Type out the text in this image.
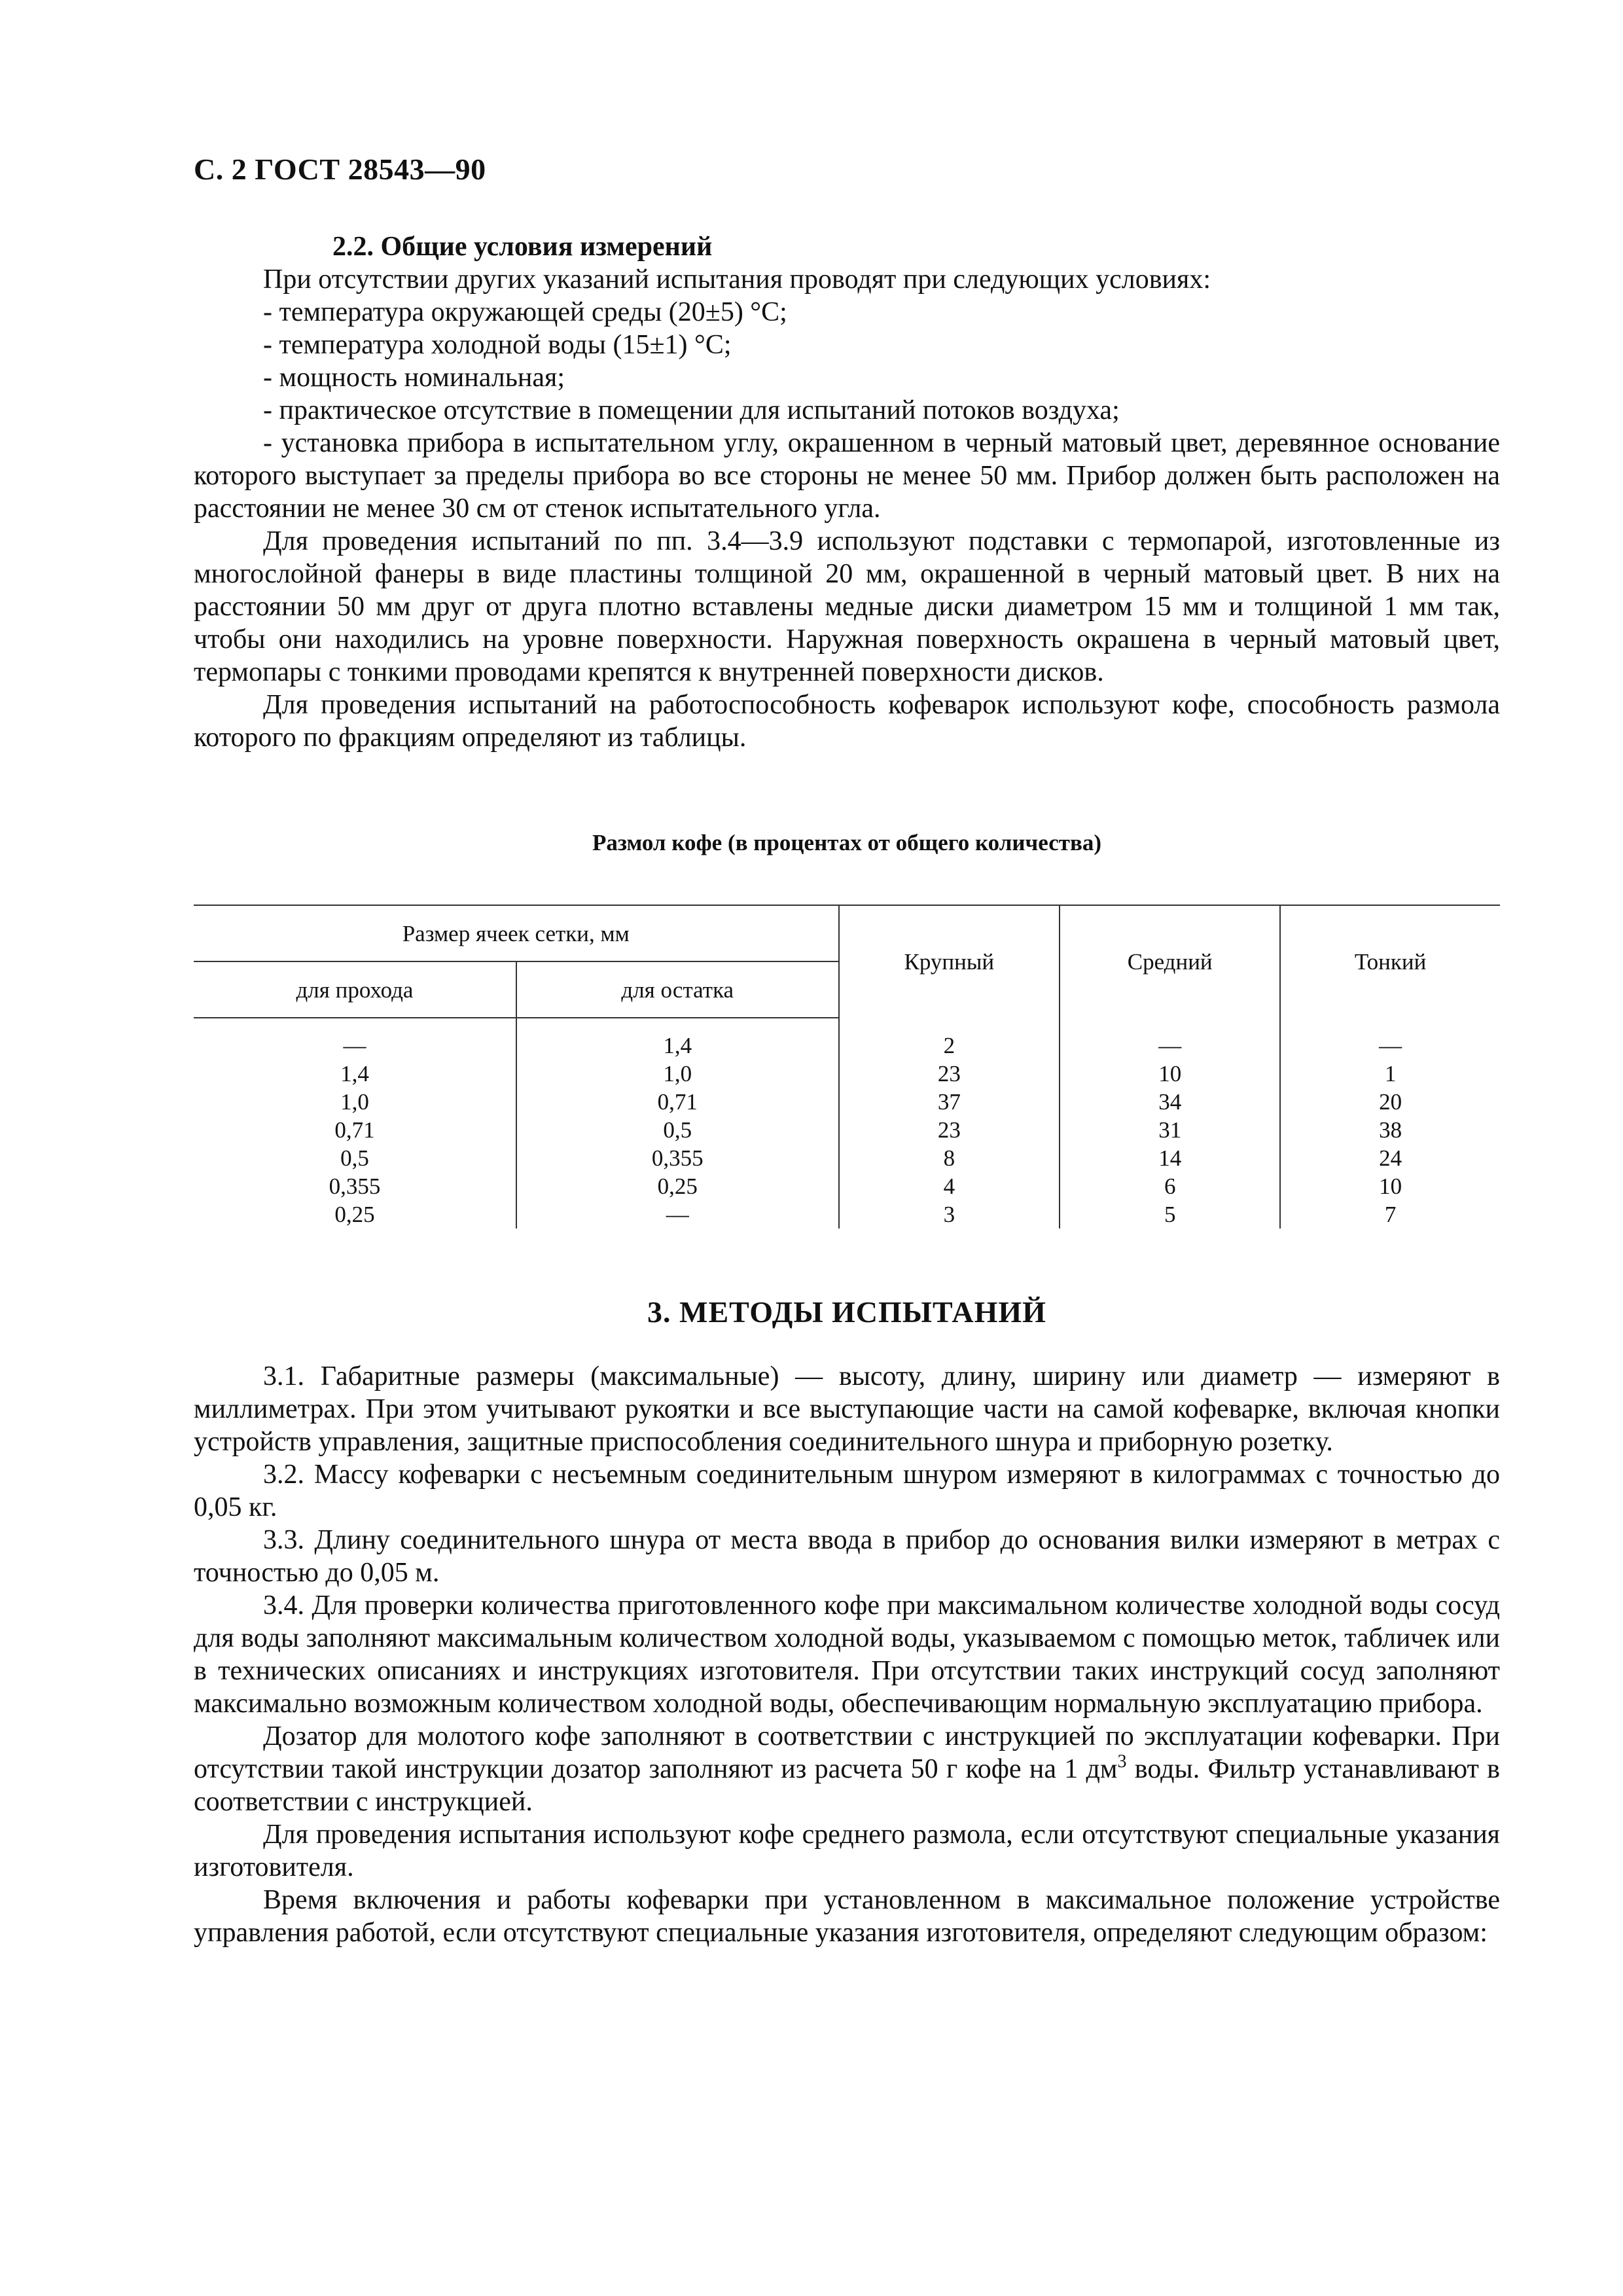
С. 2 ГОСТ 28543—90

2.2. Общие условия измерений

При отсутствии других указаний испытания проводят при следующих условиях:

- температура окружающей среды (20±5) °С;

- температура холодной воды (15±1) °С;

- мощность номинальная;

- практическое отсутствие в помещении для испытаний потоков воздуха;

- установка прибора в испытательном углу, окрашенном в черный матовый цвет, деревянное основание которого выступает за пределы прибора во все стороны не менее 50 мм. Прибор должен быть расположен на расстоянии не менее 30 см от стенок испытательного угла.

Для проведения испытаний по пп. 3.4—3.9 используют подставки с термопарой, изготовленные из многослойной фанеры в виде пластины толщиной 20 мм, окрашенной в черный матовый цвет. В них на расстоянии 50 мм друг от друга плотно вставлены медные диски диаметром 15 мм и толщиной 1 мм так, чтобы они находились на уровне поверхности. Наружная поверхность окрашена в черный матовый цвет, термопары с тонкими проводами крепятся к внутренней поверхности дисков.

Для проведения испытаний на работоспособность кофеварок используют кофе, способность размола которого по фракциям определяют из таблицы.

Размол кофе (в процентах от общего количества)
Размер ячеек сетки, мм		Крупный	Средний	Тонкий
для прохода	для остатка			
—	1,4	2	—	—
1,4	1,0	23	10	1
1,0	0,71	37	34	20
0,71	0,5	23	31	38
0,5	0,355	8	14	24
0,355	0,25	4	6	10
0,25	—	3	5	7
3. МЕТОДЫ ИСПЫТАНИЙ

3.1. Габаритные размеры (максимальные) — высоту, длину, ширину или диаметр — измеряют в миллиметрах. При этом учитывают рукоятки и все выступающие части на самой кофеварке, включая кнопки устройств управления, защитные приспособления соединительного шнура и приборную розетку.

3.2. Массу кофеварки с несъемным соединительным шнуром измеряют в килограммах с точностью до 0,05 кг.

3.3. Длину соединительного шнура от места ввода в прибор до основания вилки измеряют в метрах с точностью до 0,05 м.

3.4. Для проверки количества приготовленного кофе при максимальном количестве холодной воды сосуд для воды заполняют максимальным количеством холодной воды, указываемом с помощью меток, табличек или в технических описаниях и инструкциях изготовителя. При отсутствии таких инструкций сосуд заполняют максимально возможным количеством холодной воды, обеспечивающим нормальную эксплуатацию прибора.

Дозатор для молотого кофе заполняют в соответствии с инструкцией по эксплуатации кофеварки. При отсутствии такой инструкции дозатор заполняют из расчета 50 г кофе на 1 $дм^3$ воды. Фильтр устанавливают в соответствии с инструкцией.

Для проведения испытания используют кофе среднего размола, если отсутствуют специальные указания изготовителя.

Время включения и работы кофеварки при установленном в максимальное положение устройстве управления работой, если отсутствуют специальные указания изготовителя, определяют следующим образом:
